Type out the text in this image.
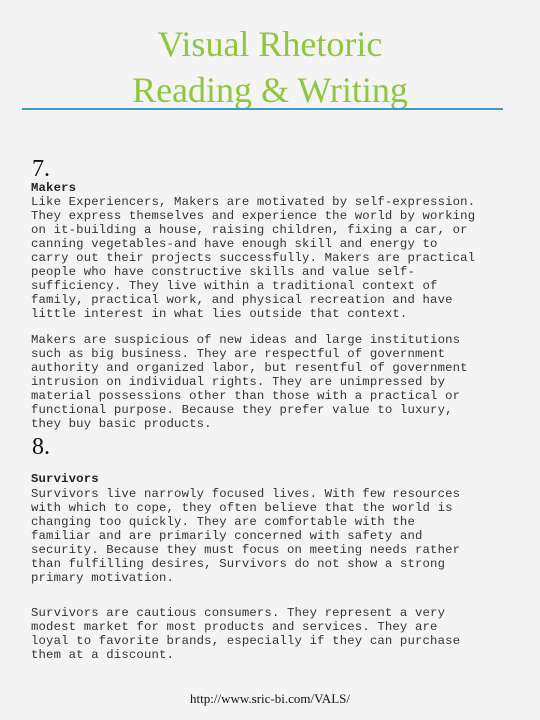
Visual Rhetoric
Reading & Writing
7.
Makers
Like Experiencers, Makers are motivated by self-expression.
They express themselves and experience the world by working
on it-building a house, raising children, fixing a car, or
canning vegetables-and have enough skill and energy to
carry out their projects successfully. Makers are practical
people who have constructive skills and value self-
sufficiency. They live within a traditional context of
family, practical work, and physical recreation and have
little interest in what lies outside that context.
Makers are suspicious of new ideas and large institutions
such as big business. They are respectful of government
authority and organized labor, but resentful of government
intrusion on individual rights. They are unimpressed by
material possessions other than those with a practical or
functional purpose. Because they prefer value to luxury,
they buy basic products.
8.
Survivors
Survivors live narrowly focused lives. With few resources
with which to cope, they often believe that the world is
changing too quickly. They are comfortable with the
familiar and are primarily concerned with safety and
security. Because they must focus on meeting needs rather
than fulfilling desires, Survivors do not show a strong
primary motivation.
Survivors are cautious consumers. They represent a very
modest market for most products and services. They are
loyal to favorite brands, especially if they can purchase
them at a discount.
http://www.sric-bi.com/VALS/
